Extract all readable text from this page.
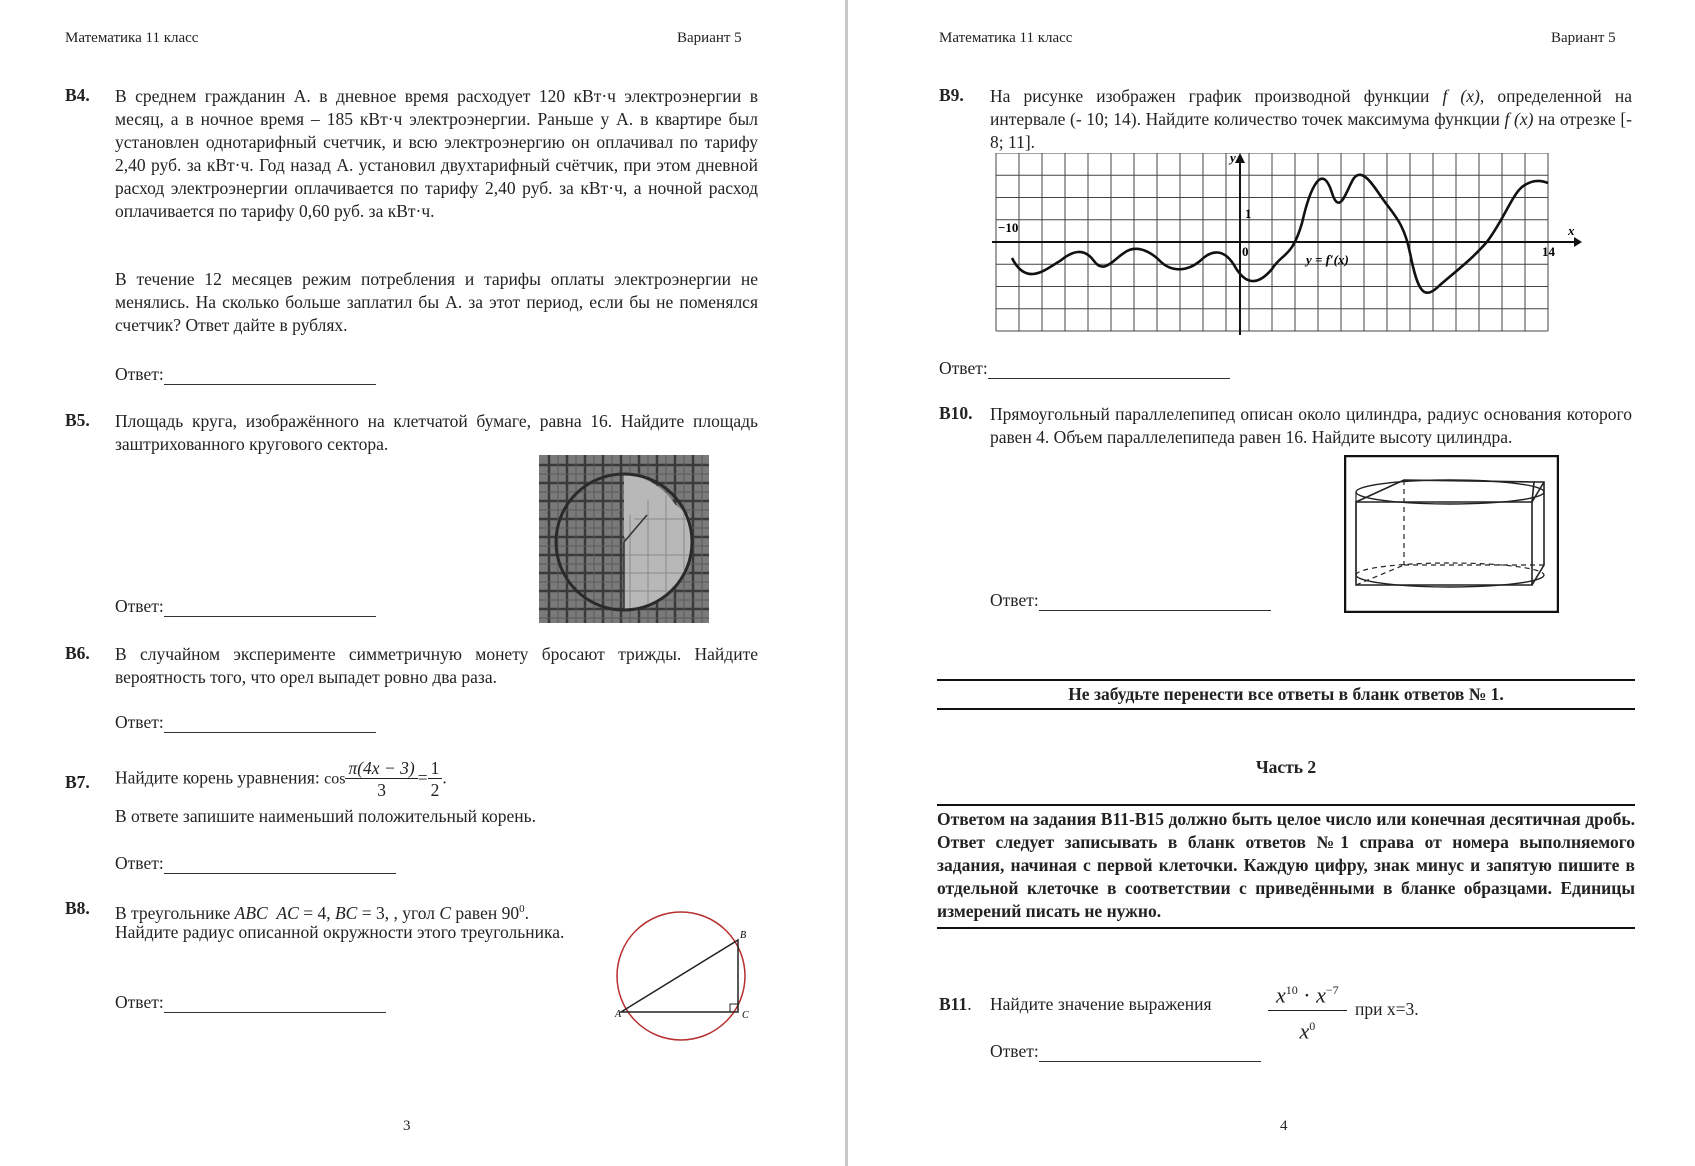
Математика 11 класс	Вариант 5
B4. В среднем гражданин А. в дневное время расходует 120 кВт·ч электроэнергии в месяц, а в ночное время – 185 кВт·ч электроэнергии. Раньше у А. в квартире был установлен однотарифный счетчик, и всю электроэнергию он оплачивал по тарифу 2,40 руб. за кВт·ч. Год назад А. установил двухтарифный счётчик, при этом дневной расход электроэнергии оплачивается по тарифу 2,40 руб. за кВт·ч, а ночной расход оплачивается по тарифу 0,60 руб. за кВт·ч.
В течение 12 месяцев режим потребления и тарифы оплаты электроэнергии не менялись. На сколько больше заплатил бы А. за этот период, если бы не поменялся счетчик? Ответ дайте в рублях.
Ответ:
B5. Площадь круга, изображённого на клетчатой бумаге, равна 16. Найдите площадь заштрихованного кругового сектора.
Ответ:
B6. В случайном эксперименте симметричную монету бросают трижды. Найдите вероятность того, что орел выпадет ровно два раза.
Ответ:
B7. Найдите корень уравнения: $\cos \frac{\pi(4x - 3)}{3} = \frac{1}{2}$ .
В ответе запишите наименьший положительный корень.
Ответ:
B8. В треугольнике ABC AC = 4, BC = 3, , угол C равен $90^0$.
Найдите радиус описанной окружности этого треугольника.
Ответ:
A
B
C
3
Математика 11 класс	Вариант 5
B9. На рисунке изображен график производной функции f (x), определенной на интервале (- 10; 14). Найдите количество точек максимума функции f (x) на отрезке [- 8; 11].
y
x
−10
1
0	14
y = f′(x)
Ответ:
B10. Прямоугольный параллелепипед описан около цилиндра, радиус основания которого равен 4. Объем параллелепипеда равен 16. Найдите высоту цилиндра.
Ответ:
Не забудьте перенести все ответы в бланк ответов № 1.
Часть 2
Ответом на задания В11-В15 должно быть целое число или конечная десятичная дробь. Ответ следует записывать в бланк ответов №1 справа от номера выполняемого задания, начиная с первой клеточки. Каждую цифру, знак минус и запятую пишите в отдельной клеточке в соответствии с приведёнными в бланке образцами. Единицы измерений писать не нужно.
B11. Найдите значение выражения	$\frac{x^{10} \cdot x^{-7}}{x^0}$ при x=3.
Ответ:
4
